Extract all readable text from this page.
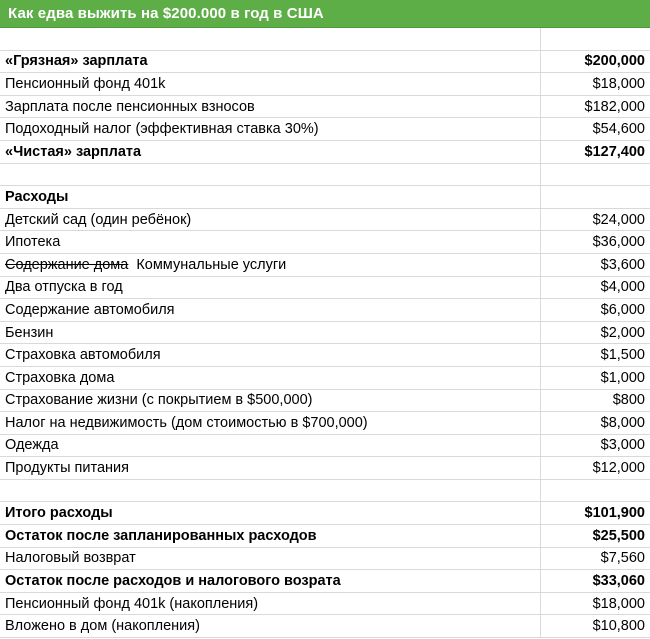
Как едва выжить на $200.000 в год в США
«Грязная» зарплата	$200,000
Пенсионный фонд 401k	$18,000
Зарплата после пенсионных взносов	$182,000
Подоходный налог (эффективная ставка 30%)	$54,600
«Чистая» зарплата	$127,400
Расходы
Детский сад (один ребёнок)	$24,000
Ипотека	$36,000
Содержание дома Коммунальные услуги	$3,600
Два отпуска в год	$4,000
Содержание автомобиля	$6,000
Бензин	$2,000
Страховка автомобиля	$1,500
Страховка дома	$1,000
Страхование жизни (с покрытием в $500,000)	$800
Налог на недвижимость (дом стоимостью в $700,000)	$8,000
Одежда	$3,000
Продукты питания	$12,000
Итого расходы	$101,900
Остаток после запланированных расходов	$25,500
Налоговый возврат	$7,560
Остаток после расходов и налогового возрата	$33,060
Пенсионный фонд 401k (накопления)	$18,000
Вложено в дом (накопления)	$10,800
